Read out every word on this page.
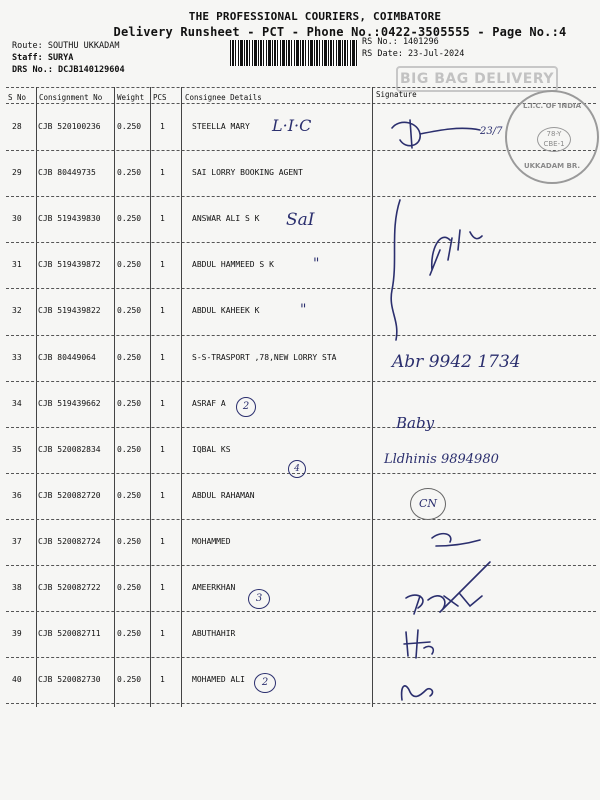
THE PROFESSIONAL COURIERS, COIMBATORE
Delivery Runsheet - PCT - Phone No.:0422-3505555 - Page No.:4
Route: SOUTHU UKKADAM
Staff: SURYA
DRS No.: DCJB140129604
RS No.: 1401296
RS Date: 23-Jul-2024
BIG BAG DELIVERY
S No Consignment No Weight PCS Consignee Details	Signature
28 CJB 520100236 0.250 1	STEELLA MARY
29 CJB 80449735	0.250 1	SAI LORRY BOOKING AGENT
30 CJB 519439830 0.250 1	ANSWAR ALI S K
31 CJB 519439872 0.250 1	ABDUL HAMMEED S K
32 CJB 519439822 0.250 1	ABDUL KAHEEK K
33 CJB 80449064	0.250 1	S-S-TRASPORT ,78,NEW LORRY STA
34 CJB 519439662 0.250 1	ASRAF A
35 CJB 520082834 0.250 1	IQBAL KS
36 CJB 520082720 0.250 1	ABDUL RAHAMAN
37 CJB 520082724 0.250 1	MOHAMMED
38 CJB 520082722 0.250 1	AMEERKHAN
39 CJB 520082711 0.250 1	ABUTHAHIR
40 CJB 520082730 0.250 1	MOHAMED ALI
L·I·C
SaI
"
"
23/7
Abr 9942 1734
Baby
Lldhinis 9894980
2
4
CN
3
2
L.I.C. OF INDIA
78-Y CBE-1
UKKADAM BR.
